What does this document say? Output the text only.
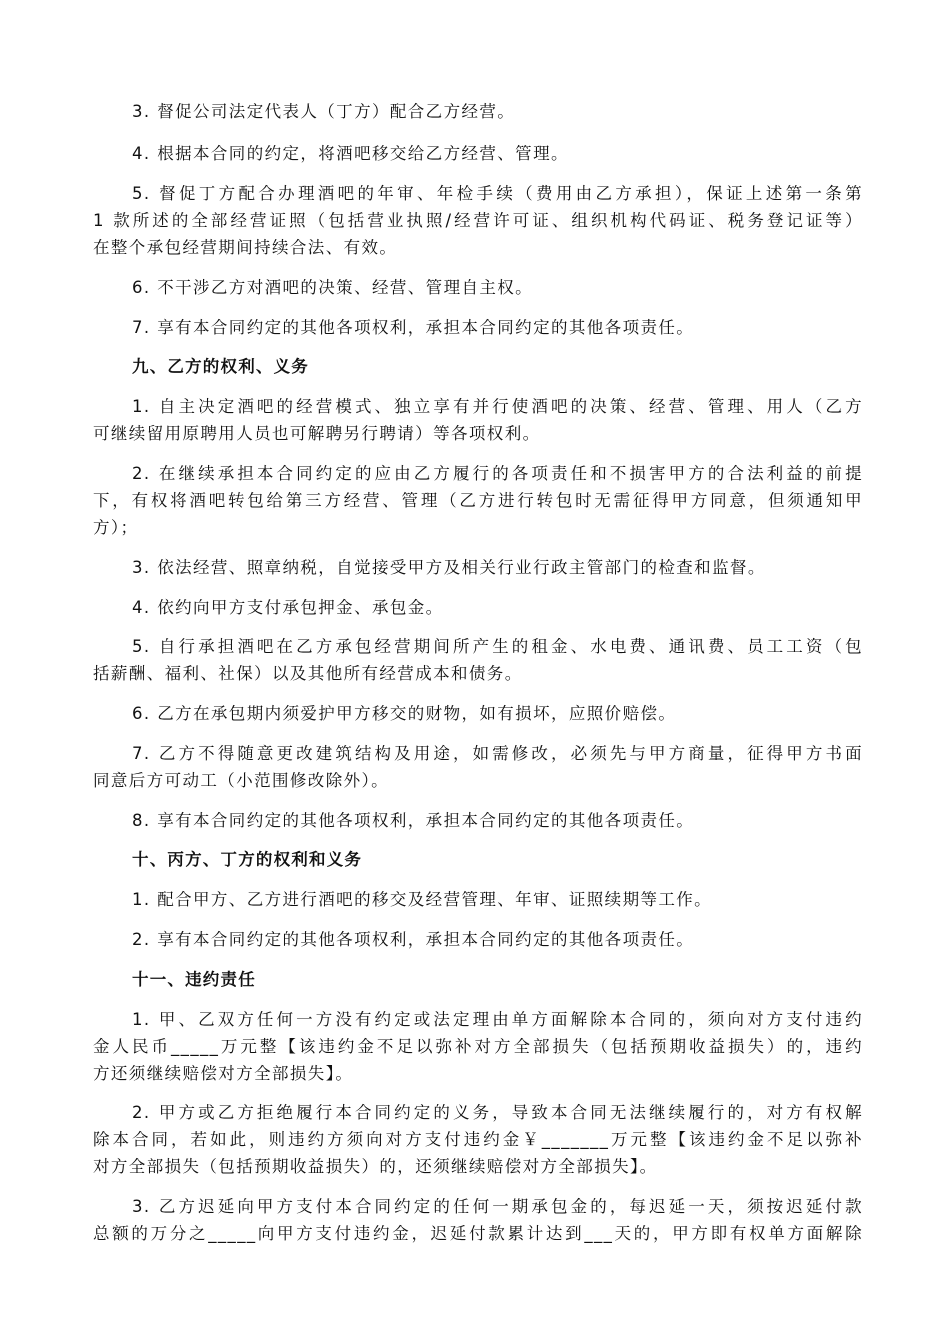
3. 督促公司法定代表人（丁方）配合乙方经营。
4. 根据本合同的约定，将酒吧移交给乙方经营、管理。
5. 督促丁方配合办理酒吧的年审、年检手续（费用由乙方承担），保证上述第一条第
1 款所述的全部经营证照（包括营业执照/经营许可证、组织机构代码证、税务登记证等）
在整个承包经营期间持续合法、有效。
6. 不干涉乙方对酒吧的决策、经营、管理自主权。
7. 享有本合同约定的其他各项权利，承担本合同约定的其他各项责任。
九、乙方的权利、义务
1. 自主决定酒吧的经营模式、独立享有并行使酒吧的决策、经营、管理、用人（乙方
可继续留用原聘用人员也可解聘另行聘请）等各项权利。
2. 在继续承担本合同约定的应由乙方履行的各项责任和不损害甲方的合法利益的前提
下，有权将酒吧转包给第三方经营、管理（乙方进行转包时无需征得甲方同意，但须通知甲
方）；
3. 依法经营、照章纳税，自觉接受甲方及相关行业行政主管部门的检查和监督。
4. 依约向甲方支付承包押金、承包金。
5. 自行承担酒吧在乙方承包经营期间所产生的租金、水电费、通讯费、员工工资（包
括薪酬、福利、社保）以及其他所有经营成本和债务。
6. 乙方在承包期内须爱护甲方移交的财物，如有损坏，应照价赔偿。
7. 乙方不得随意更改建筑结构及用途，如需修改，必须先与甲方商量，征得甲方书面
同意后方可动工（小范围修改除外）。
8. 享有本合同约定的其他各项权利，承担本合同约定的其他各项责任。
十、丙方、丁方的权利和义务
1. 配合甲方、乙方进行酒吧的移交及经营管理、年审、证照续期等工作。
2. 享有本合同约定的其他各项权利，承担本合同约定的其他各项责任。
十一、违约责任
1. 甲、乙双方任何一方没有约定或法定理由单方面解除本合同的，须向对方支付违约
金人民币_____万元整【该违约金不足以弥补对方全部损失（包括预期收益损失）的，违约
方还须继续赔偿对方全部损失】。
2. 甲方或乙方拒绝履行本合同约定的义务，导致本合同无法继续履行的，对方有权解
除本合同，若如此，则违约方须向对方支付违约金￥_______万元整【该违约金不足以弥补
对方全部损失（包括预期收益损失）的，还须继续赔偿对方全部损失】。
3. 乙方迟延向甲方支付本合同约定的任何一期承包金的，每迟延一天，须按迟延付款
总额的万分之_____向甲方支付违约金，迟延付款累计达到___天的，甲方即有权单方面解除
